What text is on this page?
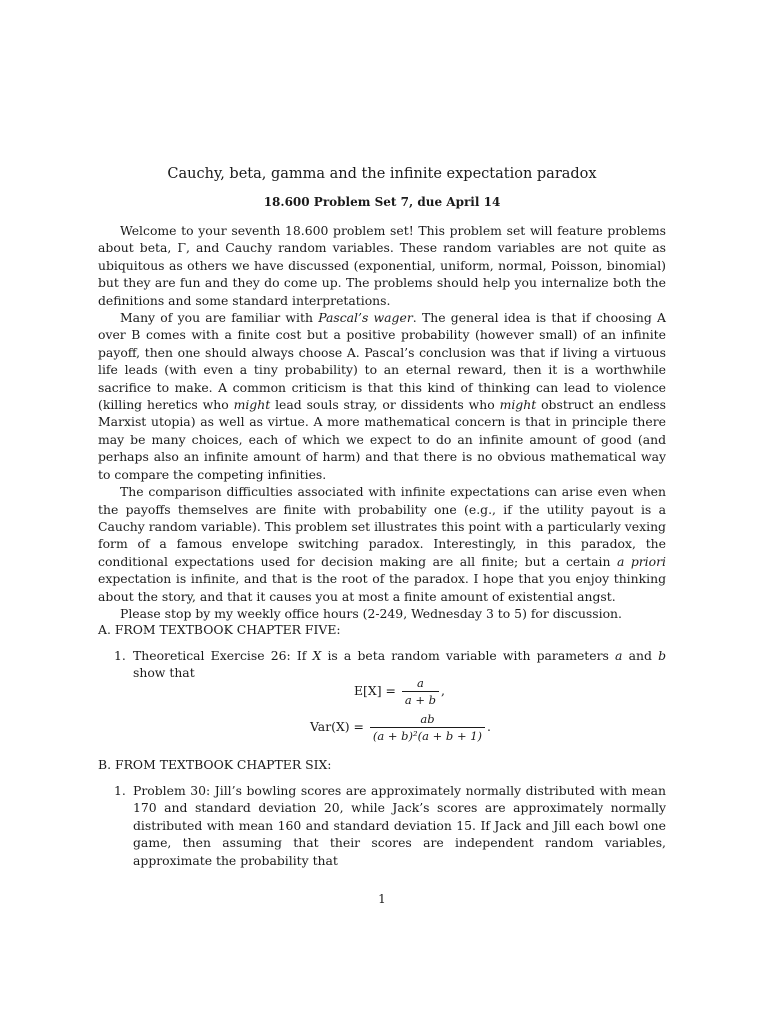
Cauchy, beta, gamma and the infinite expectation paradox
18.600 Problem Set 7, due April 14

Welcome to your seventh 18.600 problem set! This problem set will feature problems about beta, Γ, and Cauchy random variables. These random variables are not quite as ubiquitous as others we have discussed (exponential, uniform, normal, Poisson, binomial) but they are fun and they do come up. The problems should help you internalize both the definitions and some standard interpretations.

Many of you are familiar with Pascal’s wager. The general idea is that if choosing A over B comes with a finite cost but a positive probability (however small) of an infinite payoff, then one should always choose A. Pascal’s conclusion was that if living a virtuous life leads (with even a tiny probability) to an eternal reward, then it is a worthwhile sacrifice to make. A common criticism is that this kind of thinking can lead to violence (killing heretics who might lead souls stray, or dissidents who might obstruct an endless Marxist utopia) as well as virtue. A more mathematical concern is that in principle there may be many choices, each of which we expect to do an infinite amount of good (and perhaps also an infinite amount of harm) and that there is no obvious mathematical way to compare the competing infinities.

The comparison difficulties associated with infinite expectations can arise even when the payoffs themselves are finite with probability one (e.g., if the utility payout is a Cauchy random variable). This problem set illustrates this point with a particularly vexing form of a famous envelope switching paradox. Interestingly, in this paradox, the conditional expectations used for decision making are all finite; but a certain a priori expectation is infinite, and that is the root of the paradox. I hope that you enjoy thinking about the story, and that it causes you at most a finite amount of existential angst.

Please stop by my weekly office hours (2-249, Wednesday 3 to 5) for discussion.

A. FROM TEXTBOOK CHAPTER FIVE:
1. Theoretical Exercise 26: If X is a beta random variable with parameters a and b show that
$E[X] = \frac{a}{a + b}$ ,
$Var(X) = \frac{ab}{\text{(a + b)²(a + b + 1)}}$ .
B. FROM TEXTBOOK CHAPTER SIX:
1. Problem 30: Jill’s bowling scores are approximately normally distributed with mean 170 and standard deviation 20, while Jack’s scores are approximately normally distributed with mean 160 and standard deviation 15. If Jack and Jill each bowl one game, then assuming that their scores are independent random variables, approximate the probability that
1
